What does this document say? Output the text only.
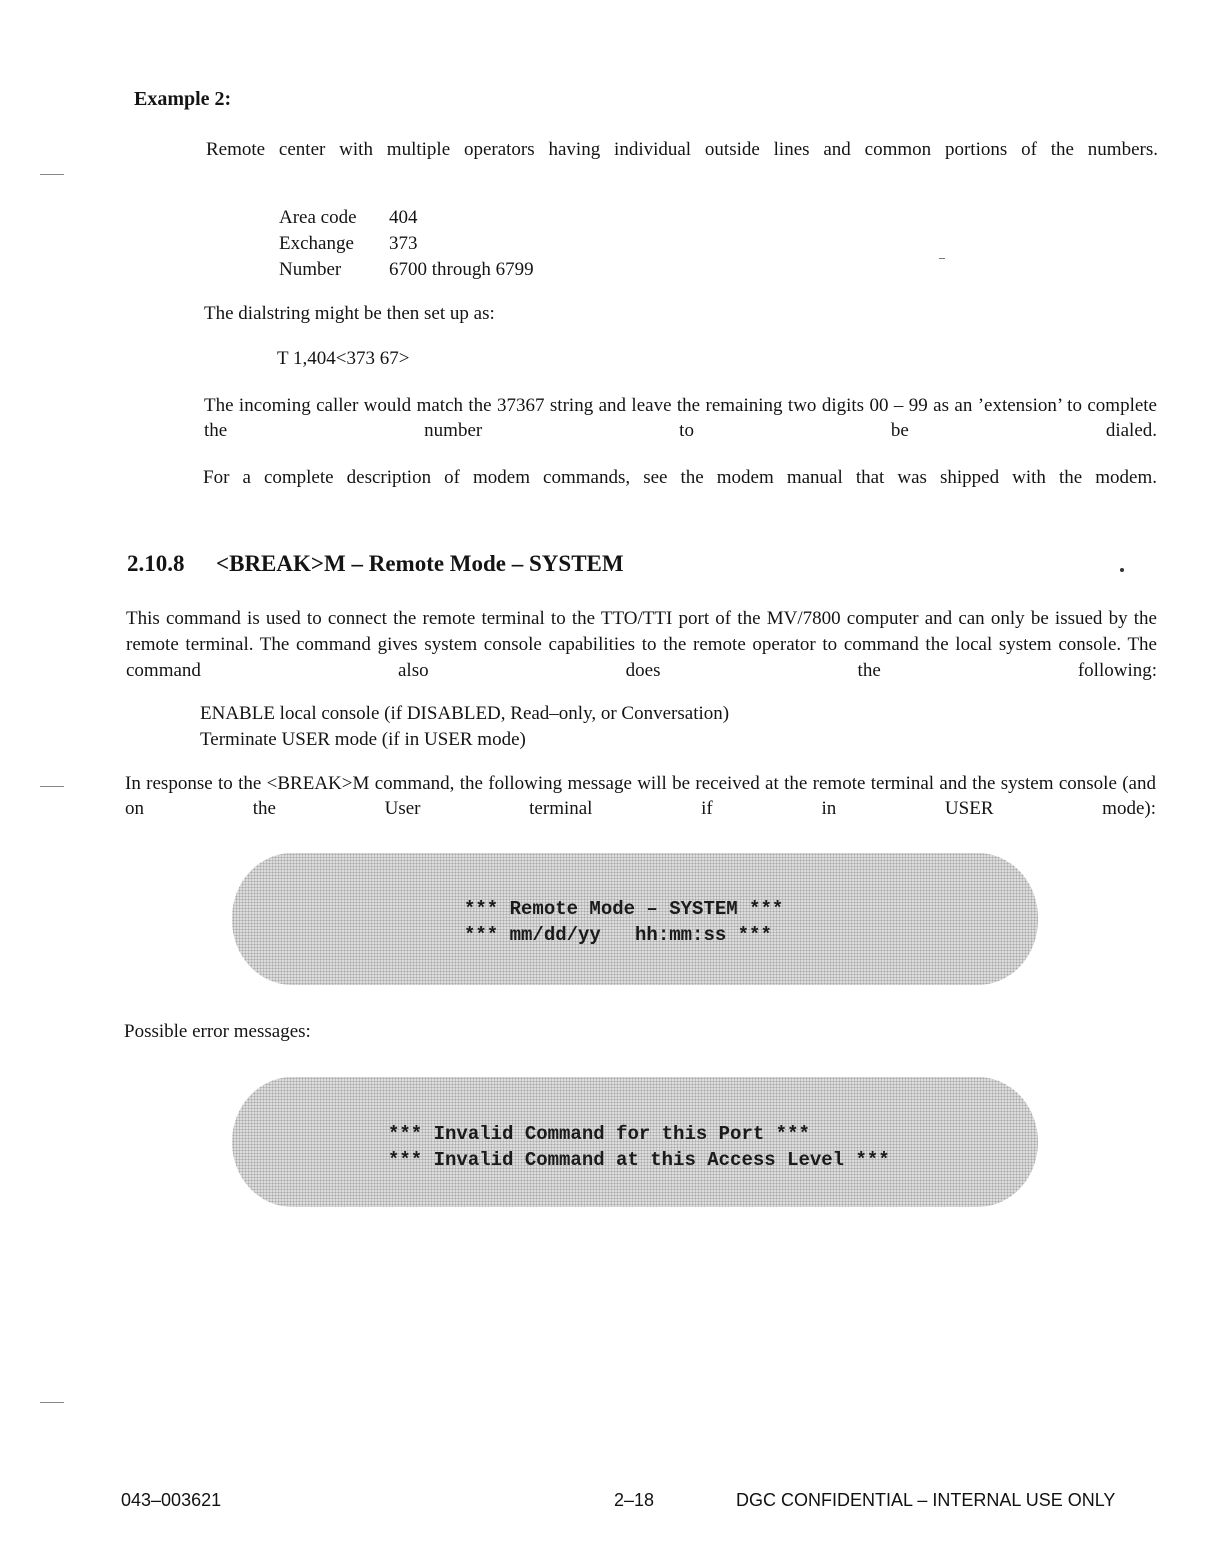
Example 2:
Remote center with multiple operators having individual outside lines and common portions of the numbers.
Area code	404
Exchange	373
Number	6700 through 6799
The dialstring might be then set up as:
T 1,404<373 67>
The incoming caller would match the 37367 string and leave the remaining two digits 00 – 99 as an ’extension’ to complete the number to be dialed.
For a complete description of modem commands, see the modem manual that was shipped with the modem.
2.10.8 <BREAK>M – Remote Mode – SYSTEM
This command is used to connect the remote terminal to the TTO/TTI port of the MV/7800 computer and can only be issued by the remote terminal. The command gives system console capabilities to the remote operator to command the local system console. The command also does the following:
ENABLE local console (if DISABLED, Read–only, or Conversation)
Terminate USER mode (if in USER mode)
In response to the <BREAK>M command, the following message will be received at the remote terminal and the system console (and on the User terminal if in USER mode):
*** Remote Mode – SYSTEM ***
*** mm/dd/yy   hh:mm:ss ***
Possible error messages:
*** Invalid Command for this Port ***
*** Invalid Command at this Access Level ***
043–003621	2–18	DGC CONFIDENTIAL – INTERNAL USE ONLY
